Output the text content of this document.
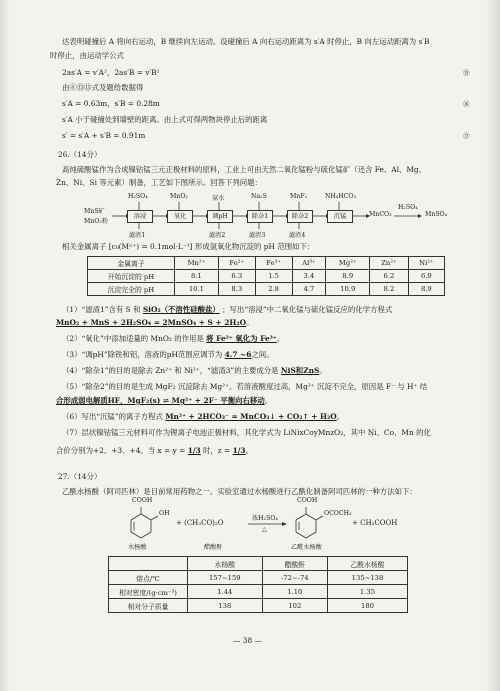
达表明碰撞后 A 将向右运动，B 继续向左运动。设碰撞后 A 向右运动距离为 s′A 时停止，B 向左运动距离为 s′B
时停止，由运动学公式
2as′A = v′A²，2as′B = v′B²	⑮
由⑥⑬⑮式及题给数据得
s′A = 0.63m，s′B = 0.28m	⑯
s′A 小于碰撞处到墙壁的距离。由上式可得两物块停止后的距离
s′ = s′A + s′B = 0.91m	⑰
26.（14分）
高纯硫酸锰作为合成镍钴锰三元正极材料的原料，工业上可由天然二氧化锰粉与硫化锰矿（还含 Fe、Al、Mg、
Zn、Ni、Si 等元素）制备，工艺如下图所示。回答下列问题：
MnS矿
MnO₂粉
H₂SO₄	MnO₂	氨水	Na₂S	MnF₂	NH₄HCO₃
溶浸	氧化	调pH	除杂1	除杂2	沉锰
滤渣1	滤渣2	滤渣3	滤渣4
MnCO₃
H₂SO₄
MnSO₄
相关金属离子 [c₀(Mⁿ⁺) = 0.1mol·L⁻¹] 形成氢氧化物沉淀的 pH 范围如下：
金属离子	Mn²⁺	Fe²⁺	Fe³⁺	Al³⁺	Mg²⁺	Zn²⁺	Ni²⁺
开始沉淀的 pH	8.1	6.3	1.5	3.4	8.9	6.2	6.9
沉淀完全的 pH	10.1	8.3	2.8	4.7	10.9	8.2	8.9
（1）“滤渣1”含有 S 和 SiO₂（不溶性硅酸盐） ；写出“溶浸”中二氧化锰与硫化锰反应的化学方程式
MnO₂ + MnS + 2H₂SO₄ = 2MnSO₄ + S + 2H₂O。
（2）“氧化”中添加适量的 MnO₂ 的作用是 将 Fe²⁺ 氧化为 Fe³⁺。
（3）“调pH”除铁和铝，溶液的pH范围应调节为 4.7 ~6之间。
（4）“除杂1”的目的是除去 Zn²⁺ 和 Ni²⁺，“滤渣3”的主要成分是 NiS和ZnS。
（5）“除杂2”的目的是生成 MgF₂ 沉淀除去 Mg²⁺。若溶液酸度过高，Mg²⁺ 沉淀不完全，原因是 F⁻ 与 H⁺ 结
合形成弱电解质HF，MgF₂(s) ⇌ Mg²⁺ + 2F⁻ 平衡向右移动。
（6）写出“沉锰”的离子方程式 Mn²⁺ + 2HCO₃⁻ = MnCO₃↓ + CO₂↑ + H₂O。
（7）层状镍钴锰三元材料可作为锂离子电池正极材料，其化学式为 LiNixCoyMnzO₂，其中 Ni、Co、Mn 的化
合价分别为+2、+3、+4。当 x = y = 1/3 时，z = 1/3。
27.（14分）
乙酰水杨酸（阿司匹林）是目前常用药物之一。实验室通过水杨酸进行乙酰化制备阿司匹林的一种方法如下：
COOH
OH
+ (CH₃CO)₂O
浓H₂SO₄
△
COOH
OCOCH₃
+ CH₃COOH
水杨酸	醋酸酐	乙酰水杨酸
	水杨酸	醋酸酐	乙酰水杨酸
熔点/℃	157~159	-72~-74	135~138
相对密度/(g·cm⁻³)	1.44	1.10	1.35
相对分子质量	138	102	180
— 38 —
